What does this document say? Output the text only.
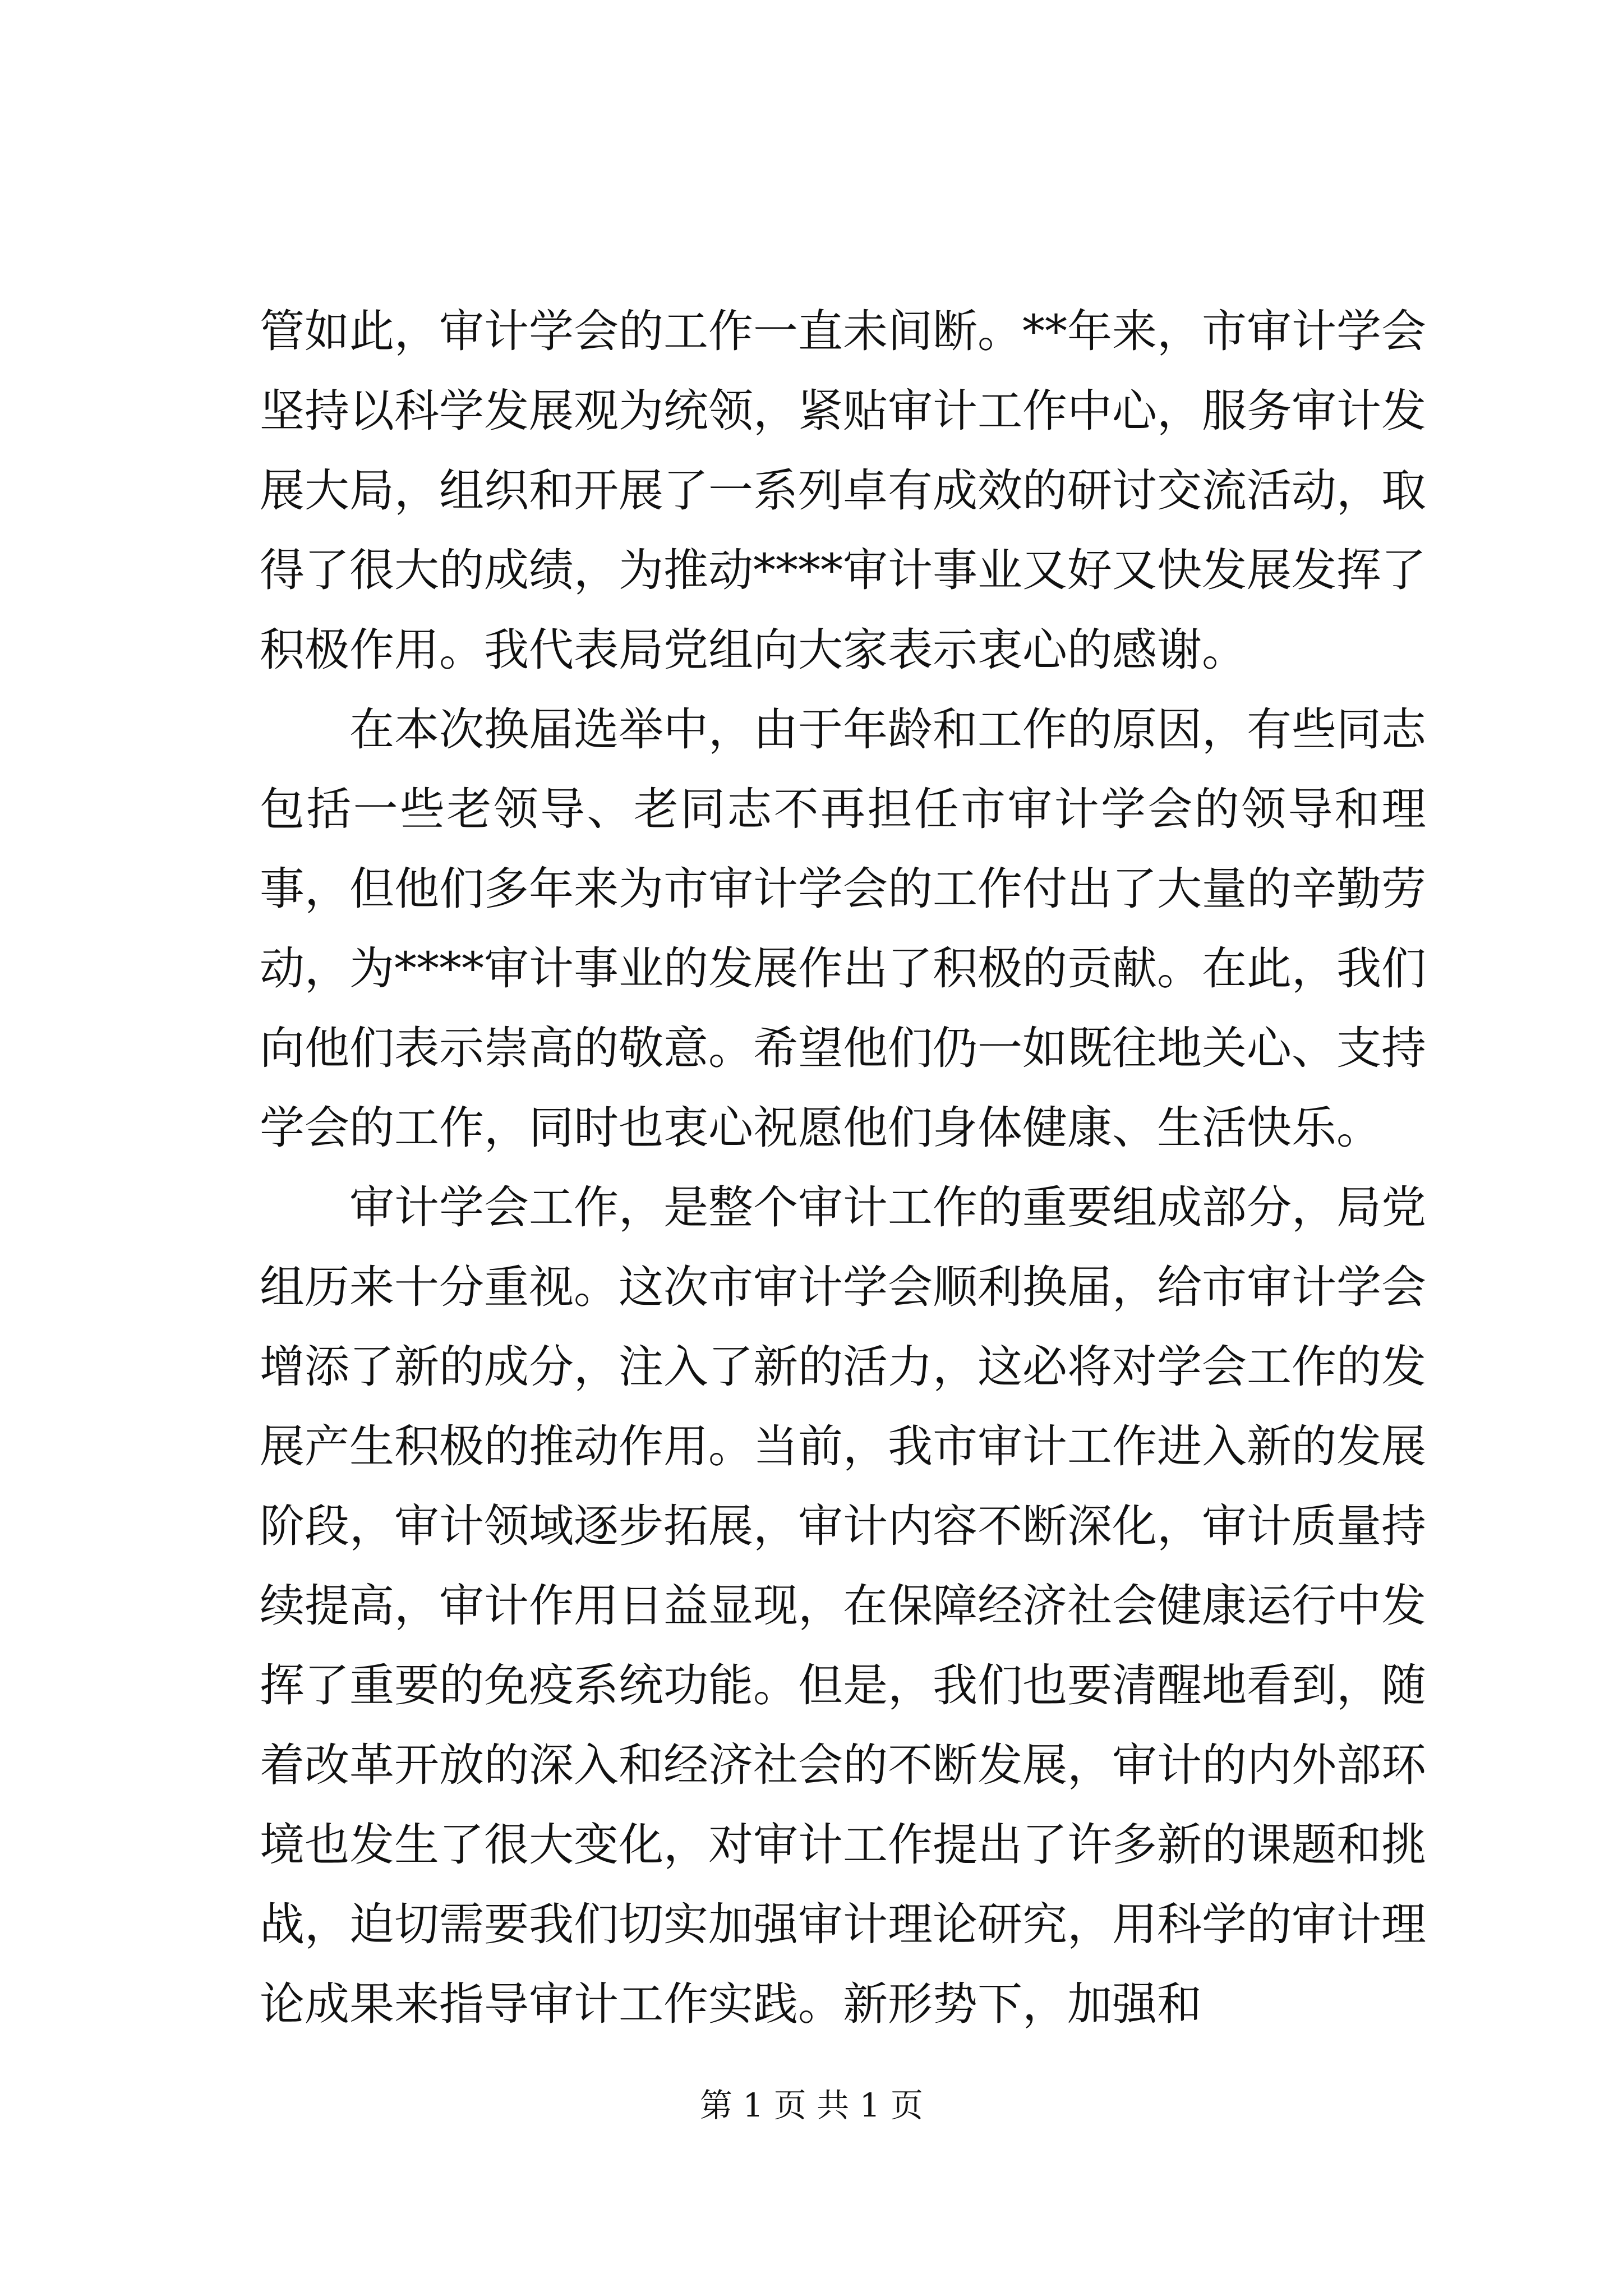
管如此，审计学会的工作一直未间断。**年来，市审计学会坚持以科学发展观为统领，紧贴审计工作中心，服务审计发展大局，组织和开展了一系列卓有成效的研讨交流活动，取得了很大的成绩，为推动****审计事业又好又快发展发挥了积极作用。我代表局党组向大家表示衷心的感谢。

在本次换届选举中，由于年龄和工作的原因，有些同志包括一些老领导、老同志不再担任市审计学会的领导和理事，但他们多年来为市审计学会的工作付出了大量的辛勤劳动，为****审计事业的发展作出了积极的贡献。在此，我们向他们表示崇高的敬意。希望他们仍一如既往地关心、支持学会的工作，同时也衷心祝愿他们身体健康、生活快乐。

审计学会工作，是整个审计工作的重要组成部分，局党组历来十分重视。这次市审计学会顺利换届，给市审计学会增添了新的成分，注入了新的活力，这必将对学会工作的发展产生积极的推动作用。当前，我市审计工作进入新的发展阶段，审计领域逐步拓展，审计内容不断深化，审计质量持续提高，审计作用日益显现，在保障经济社会健康运行中发挥了重要的免疫系统功能。但是，我们也要清醒地看到，随着改革开放的深入和经济社会的不断发展，审计的内外部环境也发生了很大变化，对审计工作提出了许多新的课题和挑战，迫切需要我们切实加强审计理论研究，用科学的审计理论成果来指导审计工作实践。新形势下，加强和

第 1 页 共 1 页
